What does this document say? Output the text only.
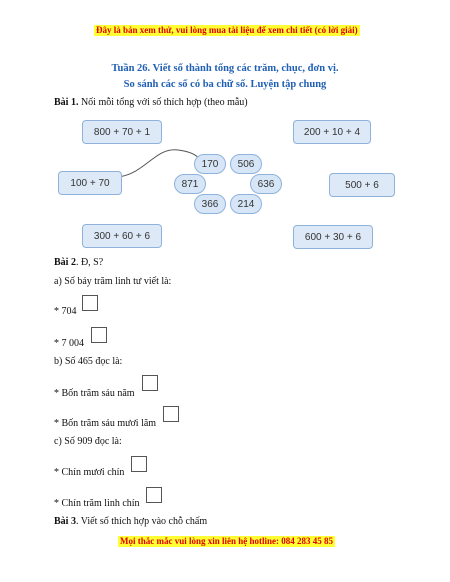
Đây là bản xem thử, vui lòng mua tài liệu để xem chi tiết (có lời giải)
Tuần 26. Viết số thành tổng các trăm, chục, đơn vị.
So sánh các số có ba chữ số. Luyện tập chung
Bài 1. Nối mỗi tổng với số thích hợp (theo mẫu)
800 + 70 + 1	200 + 10 + 4
100 + 70	500 + 6
300 + 60 + 6	600 + 30 + 6
170	506
871	636
366	214
Bài 2. Đ, S?
a) Số bảy trăm linh tư viết là:
* 704
* 7 004
b) Số 465 đọc là:
* Bốn trăm sáu năm
* Bốn trăm sáu mươi lăm
c) Số 909 đọc là:
* Chín mươi chín
* Chín trăm linh chín
Bài 3. Viết số thích hợp vào chỗ chấm
Mọi thắc mắc vui lòng xin liên hệ hotline: 084 283 45 85
